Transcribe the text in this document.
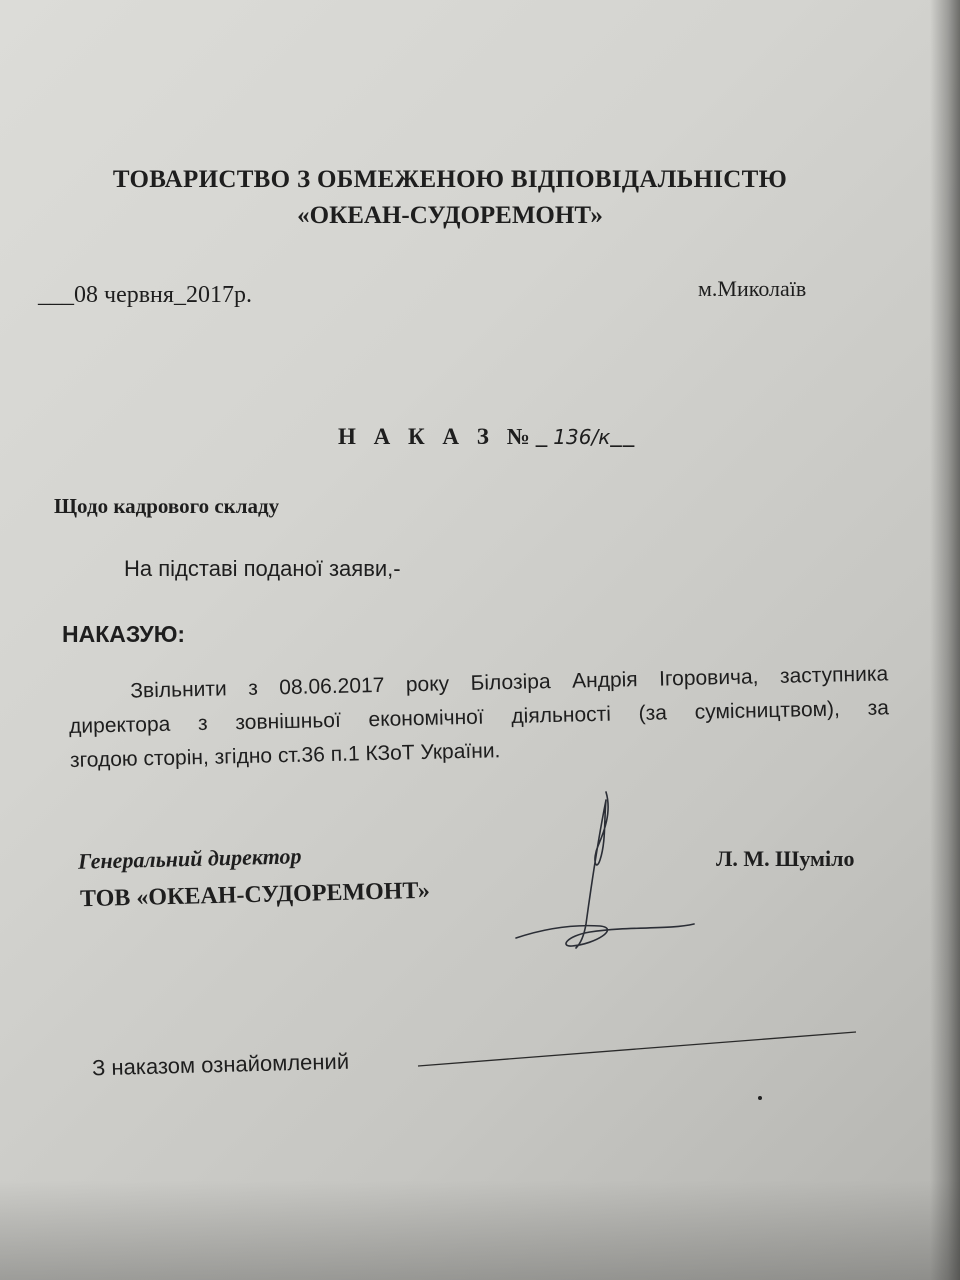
ТОВАРИСТВО З ОБМЕЖЕНОЮ ВІДПОВІДАЛЬНІСТЮ
«ОКЕАН-СУДОРЕМОНТ»
___08 червня_2017р.	м.Миколаїв
Н А К А З №_136/к__
Щодо кадрового складу
На підставі поданої заяви,-
НАКАЗУЮ:
Звільнити з 08.06.2017 року Білозіра Андрія Ігоровича, заступника
директора з зовнішньої економічної діяльності (за сумісництвом), за
згодою сторін, згідно ст.36 п.1 КЗоТ України.
Генеральний директор
ТОВ «ОКЕАН-СУДОРЕМОНТ»
Л. М. Шуміло
З наказом ознайомлений
